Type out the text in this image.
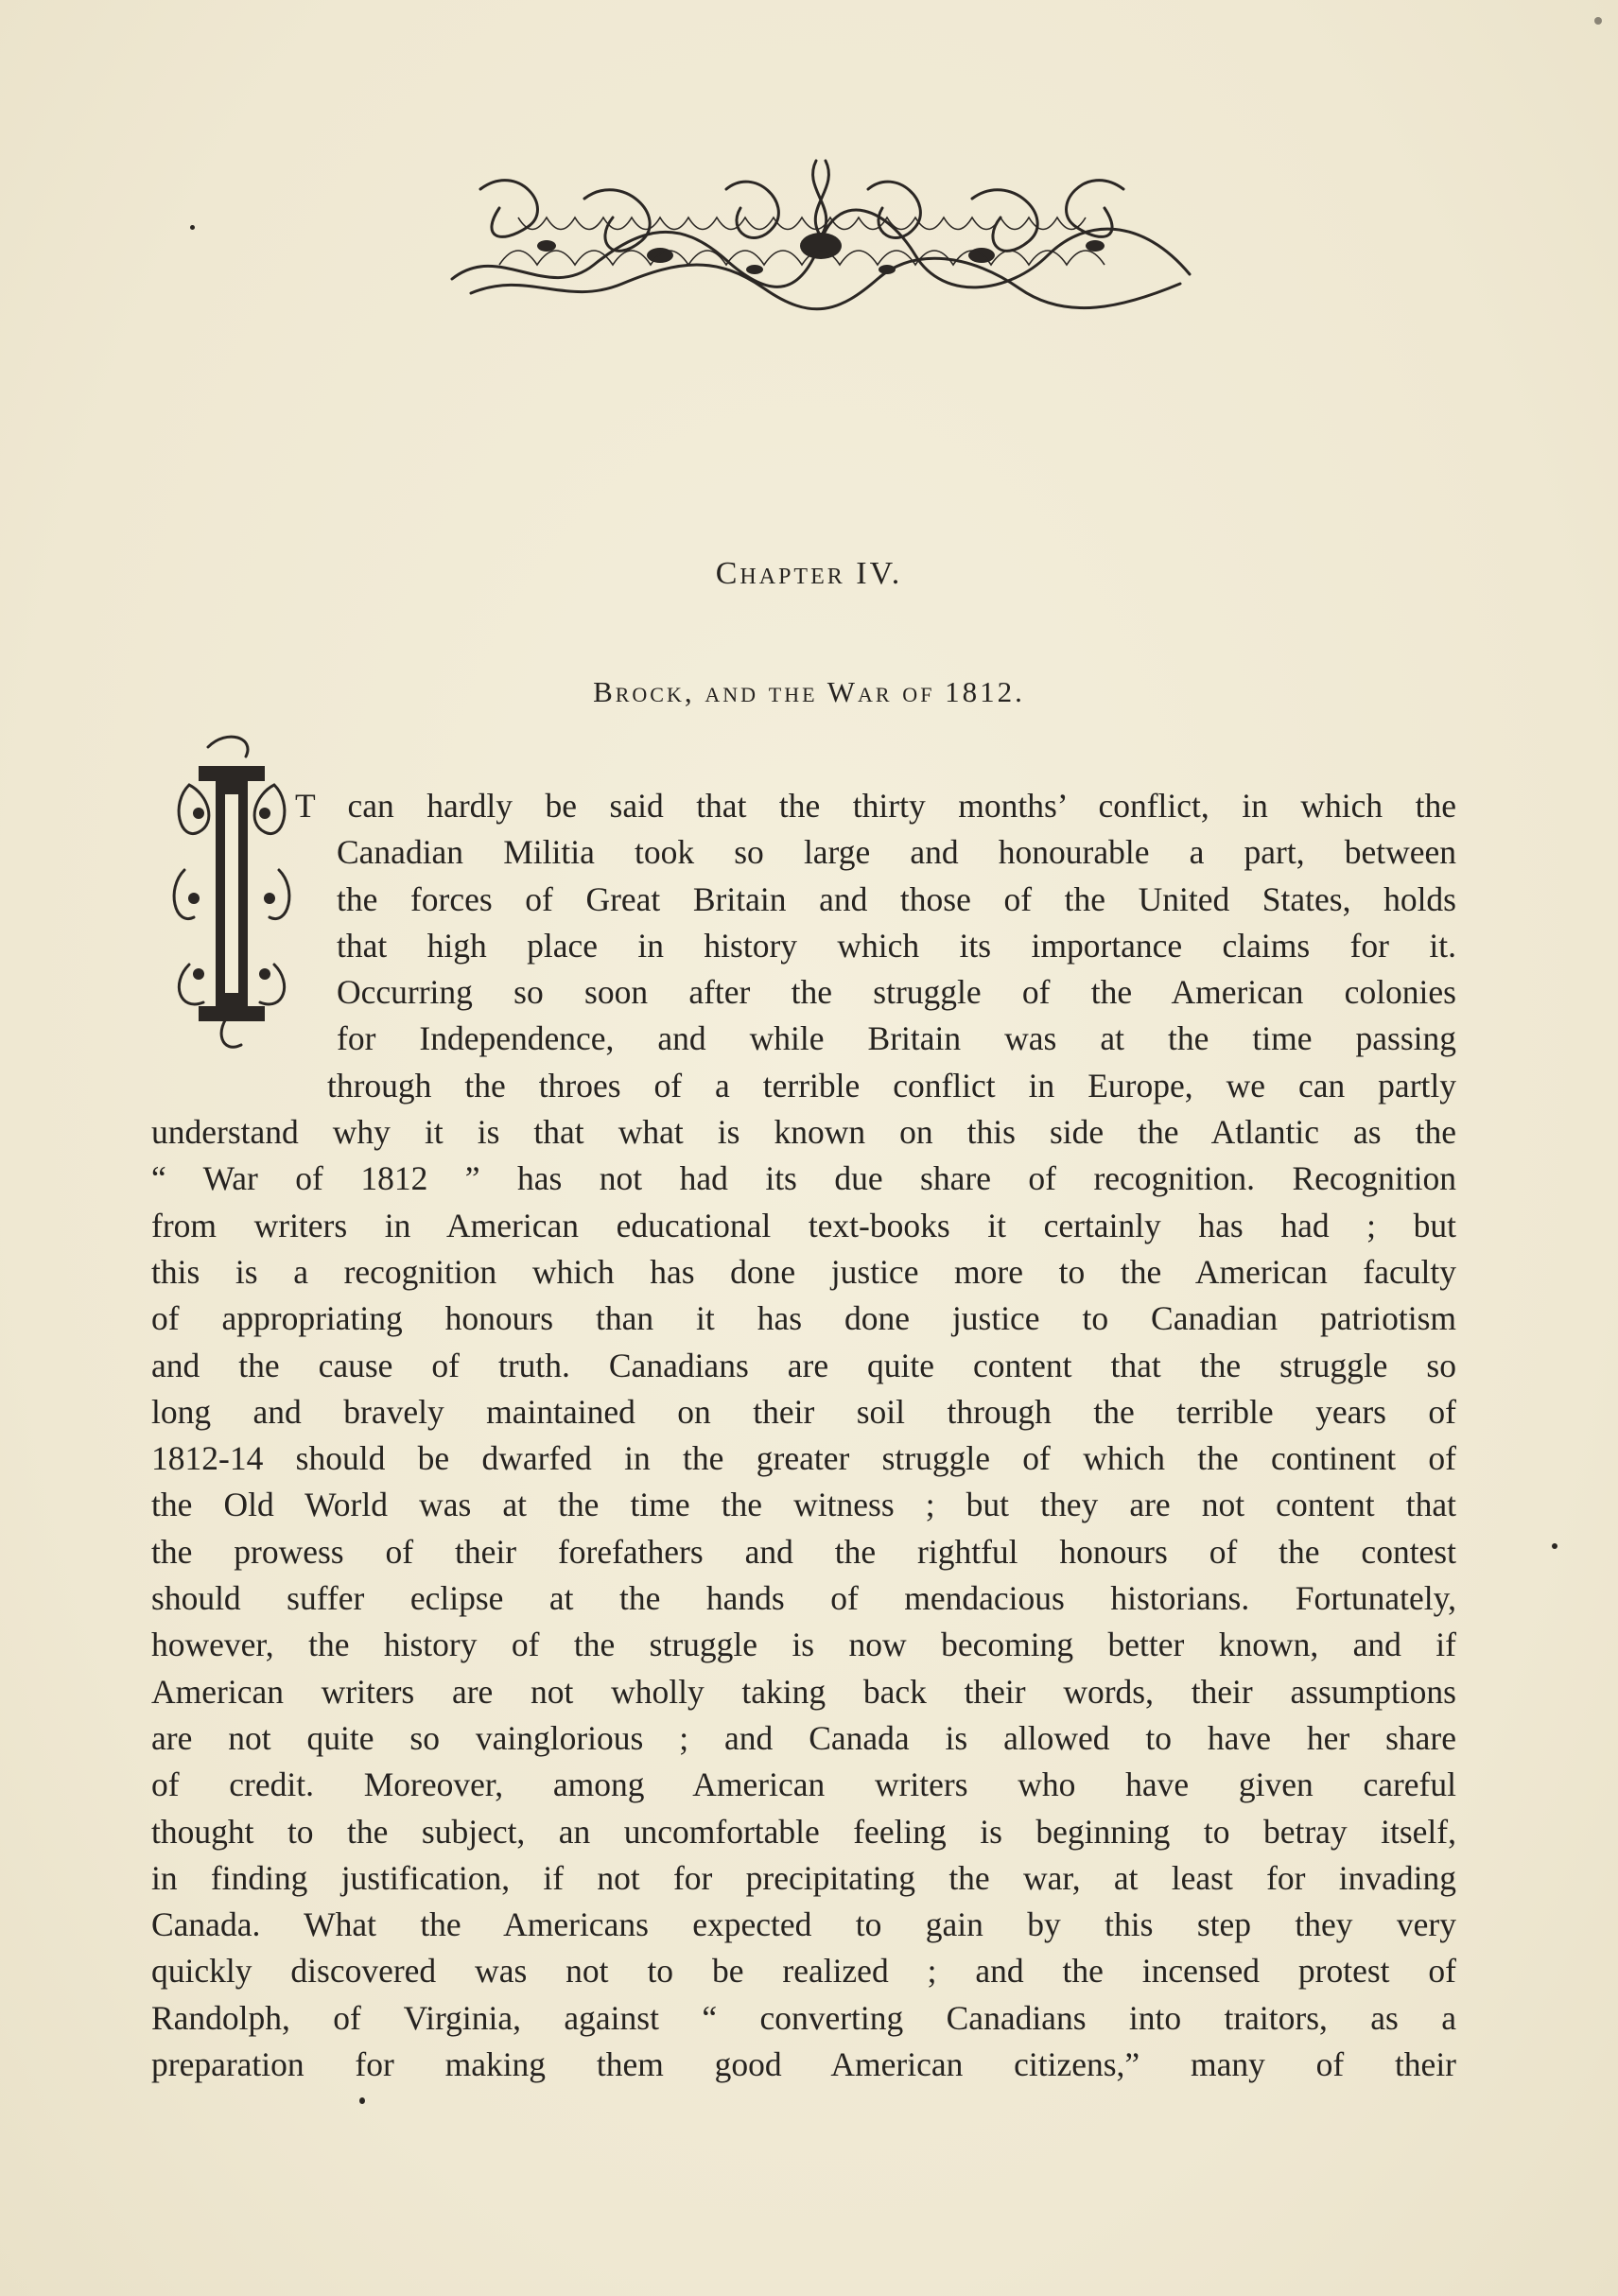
Chapter IV.
Brock, and the War of 1812.
T can hardly be said that the thirty months’ conflict, in which the
Canadian Militia took so large and honourable a part, between
the forces of Great Britain and those of the United States, holds
that high place in history which its importance claims for it.
Occurring so soon after the struggle of the American colonies
for Independence, and while Britain was at the time passing
through the throes of a terrible conflict in Europe, we can partly
understand why it is that what is known on this side the Atlantic as the
“ War of 1812 ” has not had its due share of recognition. Recognition
from writers in American educational text-books it certainly has had ; but
this is a recognition which has done justice more to the American faculty
of appropriating honours than it has done justice to Canadian patriotism
and the cause of truth. Canadians are quite content that the struggle so
long and bravely maintained on their soil through the terrible years of
1812-14 should be dwarfed in the greater struggle of which the continent of
the Old World was at the time the witness ; but they are not content that
the prowess of their forefathers and the rightful honours of the contest
should suffer eclipse at the hands of mendacious historians. Fortunately,
however, the history of the struggle is now becoming better known, and if
American writers are not wholly taking back their words, their assumptions
are not quite so vainglorious ; and Canada is allowed to have her share
of credit. Moreover, among American writers who have given careful
thought to the subject, an uncomfortable feeling is beginning to betray itself,
in finding justification, if not for precipitating the war, at least for invading
Canada. What the Americans expected to gain by this step they very
quickly discovered was not to be realized ; and the incensed protest of
Randolph, of Virginia, against “ converting Canadians into traitors, as a
preparation for making them good American citizens,” many of their
